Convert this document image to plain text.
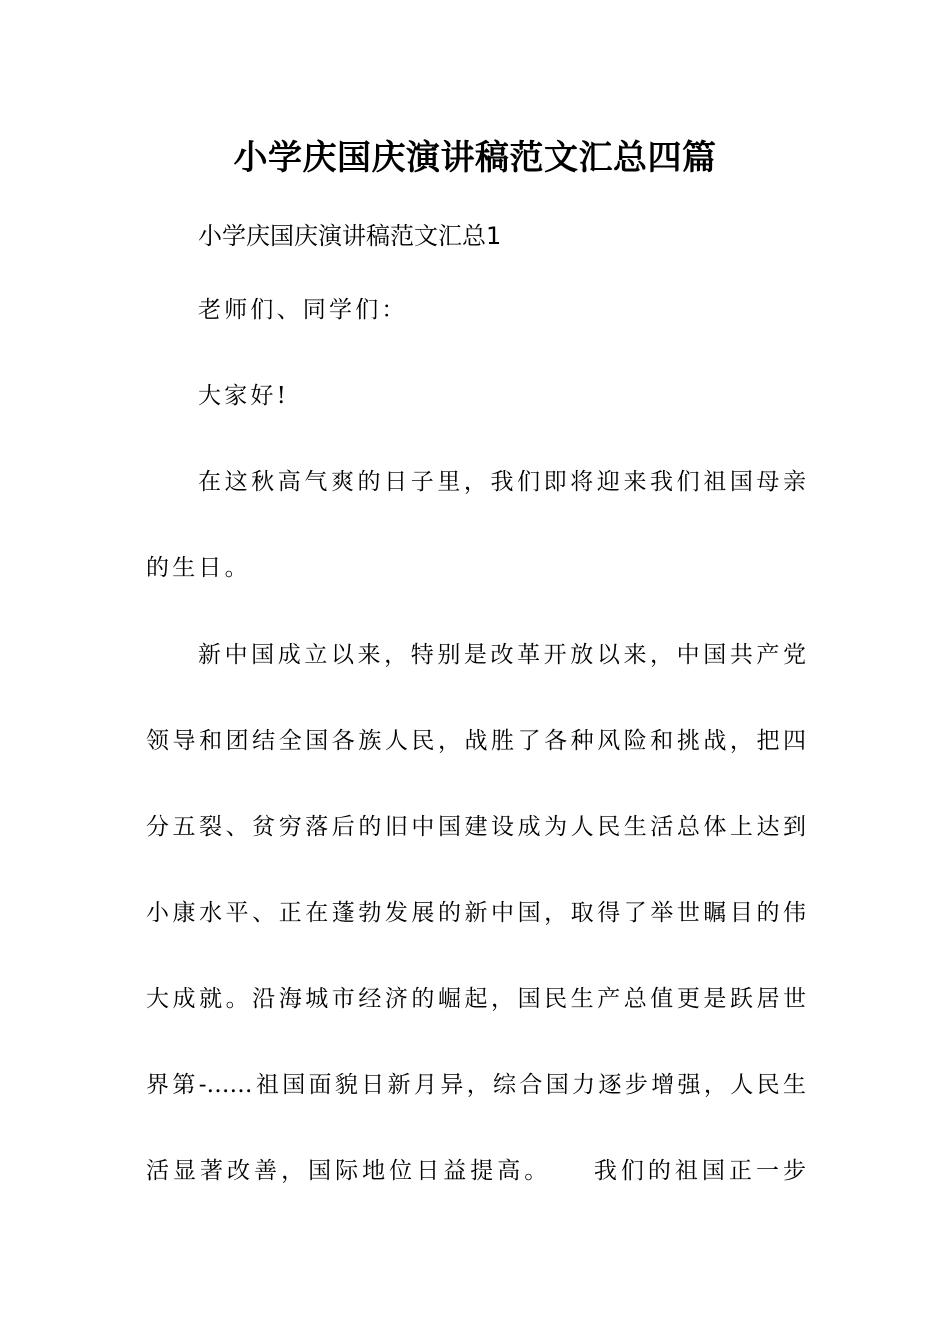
小学庆国庆演讲稿范文汇总四篇
小学庆国庆演讲稿范文汇总1
老师们、同学们：
大家好!
在这秋高气爽的日子里，我们即将迎来我们祖国母亲
的生日。
新中国成立以来，特别是改革开放以来，中国共产党
领导和团结全国各族人民，战胜了各种风险和挑战，把四
分五裂、贫穷落后的旧中国建设成为人民生活总体上达到
小康水平、正在蓬勃发展的新中国，取得了举世瞩目的伟
大成就。沿海城市经济的崛起，国民生产总值更是跃居世
界第-……祖国面貌日新月异，综合国力逐步增强，人民生
活显著改善，国际地位日益提高。　　我们的祖国正一步
